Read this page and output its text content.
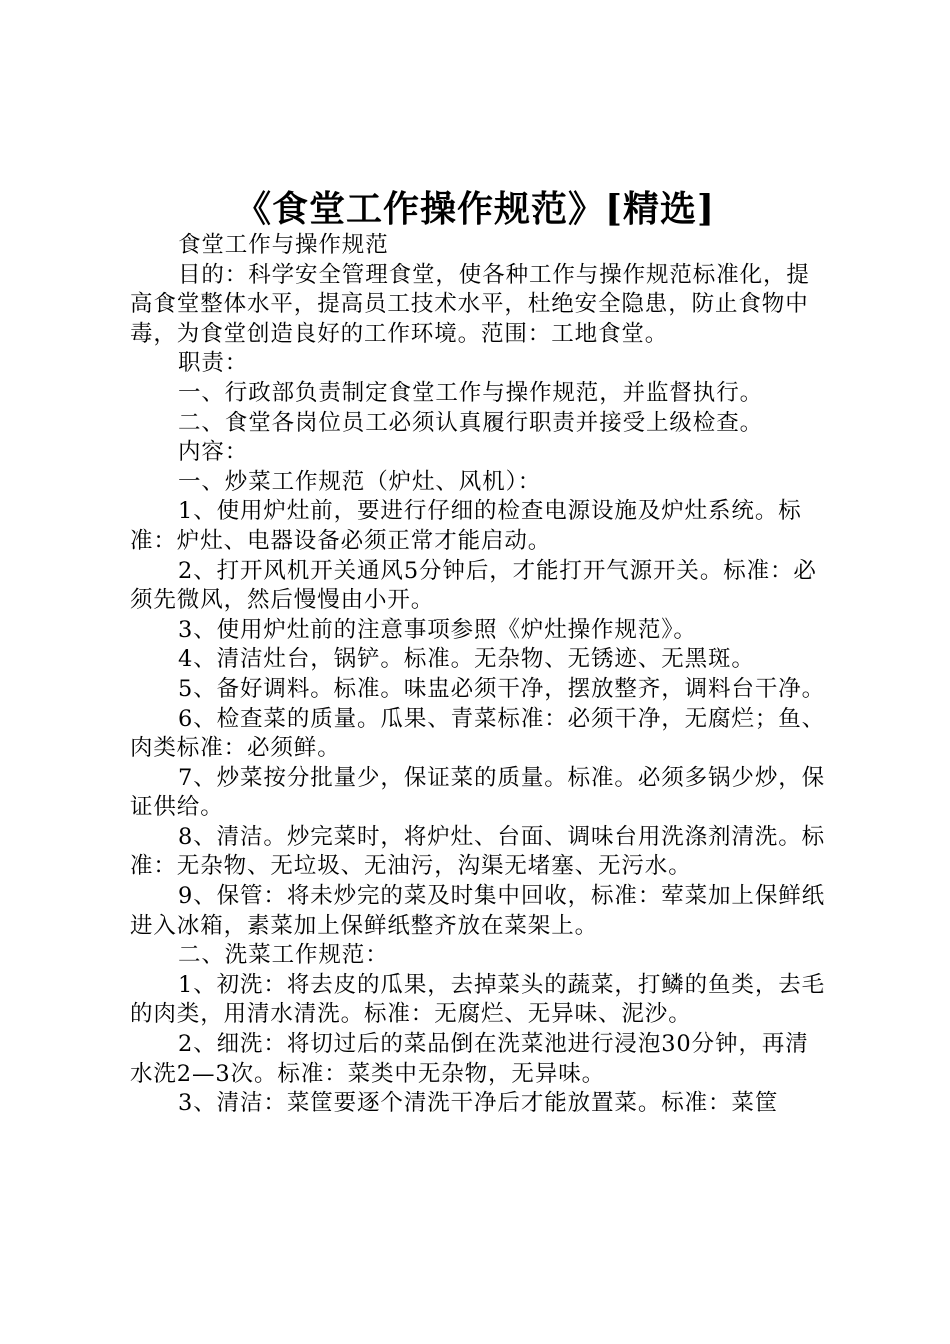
《食堂工作操作规范》[精选]

食堂工作与操作规范

目的：科学安全管理食堂，使各种工作与操作规范标准化，提高食堂整体水平，提高员工技术水平，杜绝安全隐患，防止食物中毒，为食堂创造良好的工作环境。范围：工地食堂。

职责：

一、行政部负责制定食堂工作与操作规范，并监督执行。

二、食堂各岗位员工必须认真履行职责并接受上级检查。

内容：

一、炒菜工作规范（炉灶、风机）：

1、使用炉灶前，要进行仔细的检查电源设施及炉灶系统。标准：炉灶、电器设备必须正常才能启动。

2、打开风机开关通风5分钟后，才能打开气源开关。标准：必须先微风，然后慢慢由小开。

3、使用炉灶前的注意事项参照《炉灶操作规范》。

4、清洁灶台，锅铲。标准。无杂物、无锈迹、无黑斑。

5、备好调料。标准。味盅必须干净，摆放整齐，调料台干净。

6、检查菜的质量。瓜果、青菜标准：必须干净，无腐烂；鱼、肉类标准：必须鲜。

7、炒菜按分批量少，保证菜的质量。标准。必须多锅少炒，保证供给。

8、清洁。炒完菜时，将炉灶、台面、调味台用洗涤剂清洗。标准：无杂物、无垃圾、无油污，沟渠无堵塞、无污水。

9、保管：将未炒完的菜及时集中回收，标准：荤菜加上保鲜纸进入冰箱，素菜加上保鲜纸整齐放在菜架上。

二、洗菜工作规范：

1、初洗：将去皮的瓜果，去掉菜头的蔬菜，打鳞的鱼类，去毛的肉类，用清水清洗。标准：无腐烂、无异味、泥沙。

2、细洗：将切过后的菜品倒在洗菜池进行浸泡30分钟，再清水洗2—3次。标准：菜类中无杂物，无异味。

3、清洁：菜筐要逐个清洗干净后才能放置菜。标准：菜筐
